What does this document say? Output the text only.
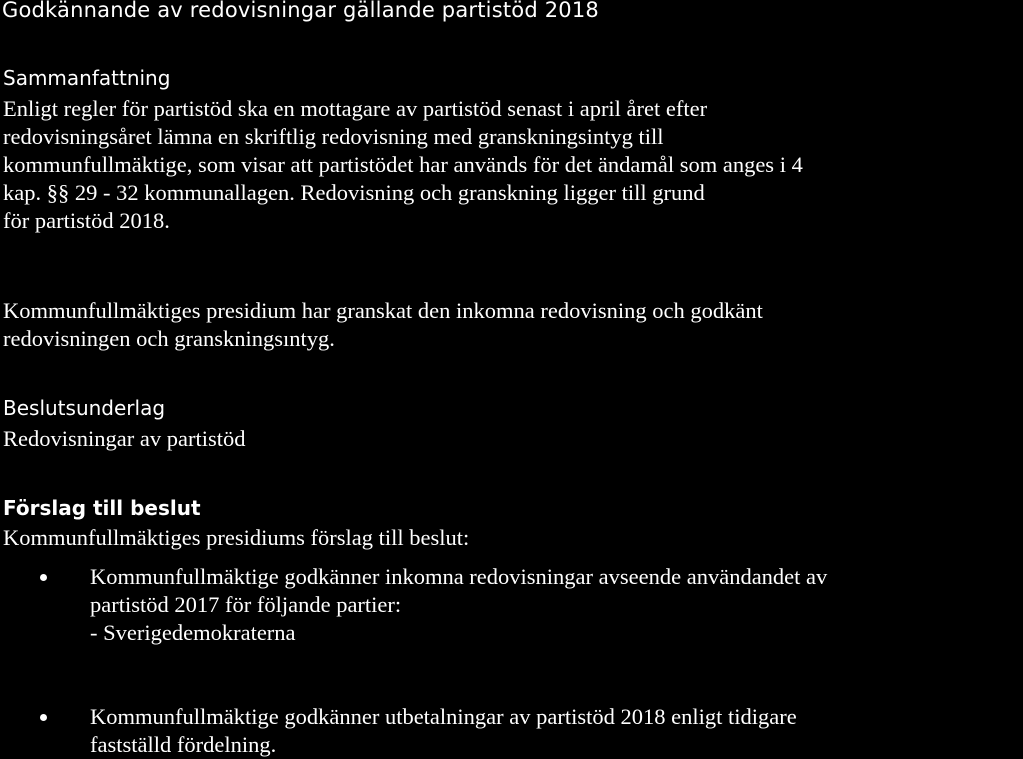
Godkännande av redovisningar gällande partistöd 2018
Sammanfattning

Enligt regler för partistöd ska en mottagare av partistöd senast i april året efter
redovisningsåret lämna en skriftlig redovisning med granskningsintyg till
kommunfullmäktige, som visar att partistödet har används för det ändamål som anges i 4
kap. §§ 29 - 32 kommunallagen. Redovisning och granskning ligger till grund
för partistöd 2018.

Kommunfullmäktiges presidium har granskat den inkomna redovisning och godkänt
redovisningen och granskningsıntyg.

Beslutsunderlag

Redovisningar av partistöd

Förslag till beslut

Kommunfullmäktiges presidiums förslag till beslut:

Kommunfullmäktige godkänner inkomna redovisningar avseende användandet av
partistöd 2017 för följande partier:
- Sverigedemokraterna
Kommunfullmäktige godkänner utbetalningar av partistöd 2018 enligt tidigare
fastställd fördelning.
